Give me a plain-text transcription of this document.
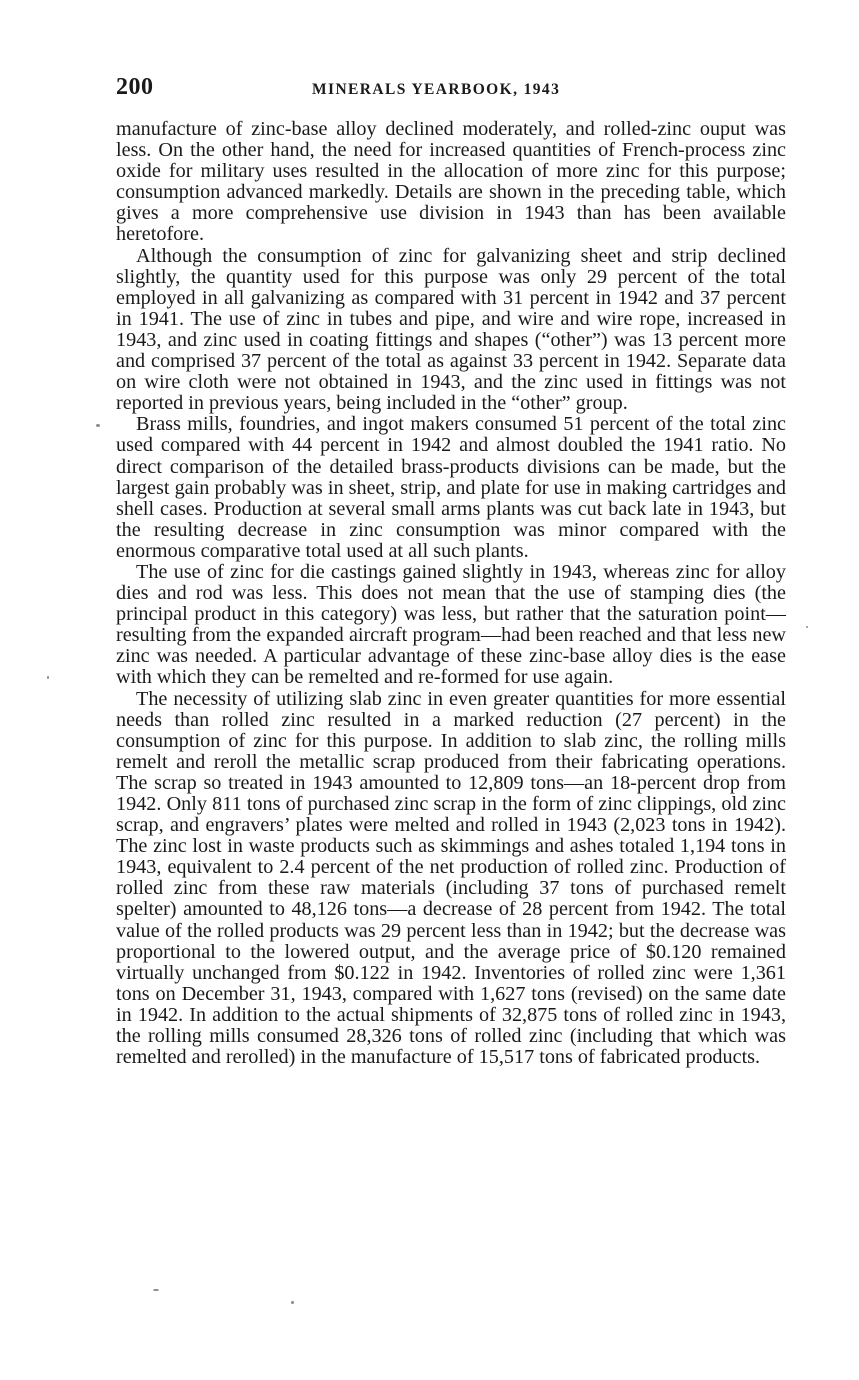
200	MINERALS YEARBOOK, 1943

manufacture of zinc-base alloy declined moderately, and rolled-zinc ouput was less. On the other hand, the need for increased quantities of French-process zinc oxide for military uses resulted in the allocation of more zinc for this purpose; consumption advanced markedly. Details are shown in the preceding table, which gives a more comprehensive use division in 1943 than has been available heretofore.

Although the consumption of zinc for galvanizing sheet and strip declined slightly, the quantity used for this purpose was only 29 percent of the total employed in all galvanizing as compared with 31 percent in 1942 and 37 percent in 1941. The use of zinc in tubes and pipe, and wire and wire rope, increased in 1943, and zinc used in coating fittings and shapes (“other”) was 13 percent more and comprised 37 percent of the total as against 33 percent in 1942. Separate data on wire cloth were not obtained in 1943, and the zinc used in fittings was not reported in previous years, being included in the “other” group.

Brass mills, foundries, and ingot makers consumed 51 percent of the total zinc used compared with 44 percent in 1942 and almost doubled the 1941 ratio. No direct comparison of the detailed brass-products divisions can be made, but the largest gain probably was in sheet, strip, and plate for use in making cartridges and shell cases. Production at several small arms plants was cut back late in 1943, but the resulting decrease in zinc consumption was minor compared with the enormous comparative total used at all such plants.

The use of zinc for die castings gained slightly in 1943, whereas zinc for alloy dies and rod was less. This does not mean that the use of stamping dies (the principal product in this category) was less, but rather that the saturation point—resulting from the expanded aircraft program—had been reached and that less new zinc was needed. A particular advantage of these zinc-base alloy dies is the ease with which they can be remelted and re-formed for use again.

The necessity of utilizing slab zinc in even greater quantities for more essential needs than rolled zinc resulted in a marked reduction (27 percent) in the consumption of zinc for this purpose. In addition to slab zinc, the rolling mills remelt and reroll the metallic scrap produced from their fabricating operations. The scrap so treated in 1943 amounted to 12,809 tons—an 18-percent drop from 1942. Only 811 tons of purchased zinc scrap in the form of zinc clippings, old zinc scrap, and engravers’ plates were melted and rolled in 1943 (2,023 tons in 1942). The zinc lost in waste products such as skimmings and ashes totaled 1,194 tons in 1943, equivalent to 2.4 percent of the net production of rolled zinc. Production of rolled zinc from these raw materials (including 37 tons of purchased remelt spelter) amounted to 48,126 tons—a decrease of 28 percent from 1942. The total value of the rolled products was 29 percent less than in 1942; but the decrease was proportional to the lowered output, and the average price of $0.120 remained virtually unchanged from $0.122 in 1942. Inventories of rolled zinc were 1,361 tons on December 31, 1943, compared with 1,627 tons (revised) on the same date in 1942. In addition to the actual shipments of 32,875 tons of rolled zinc in 1943, the rolling mills consumed 28,326 tons of rolled zinc (including that which was remelted and rerolled) in the manufacture of 15,517 tons of fabricated products.
